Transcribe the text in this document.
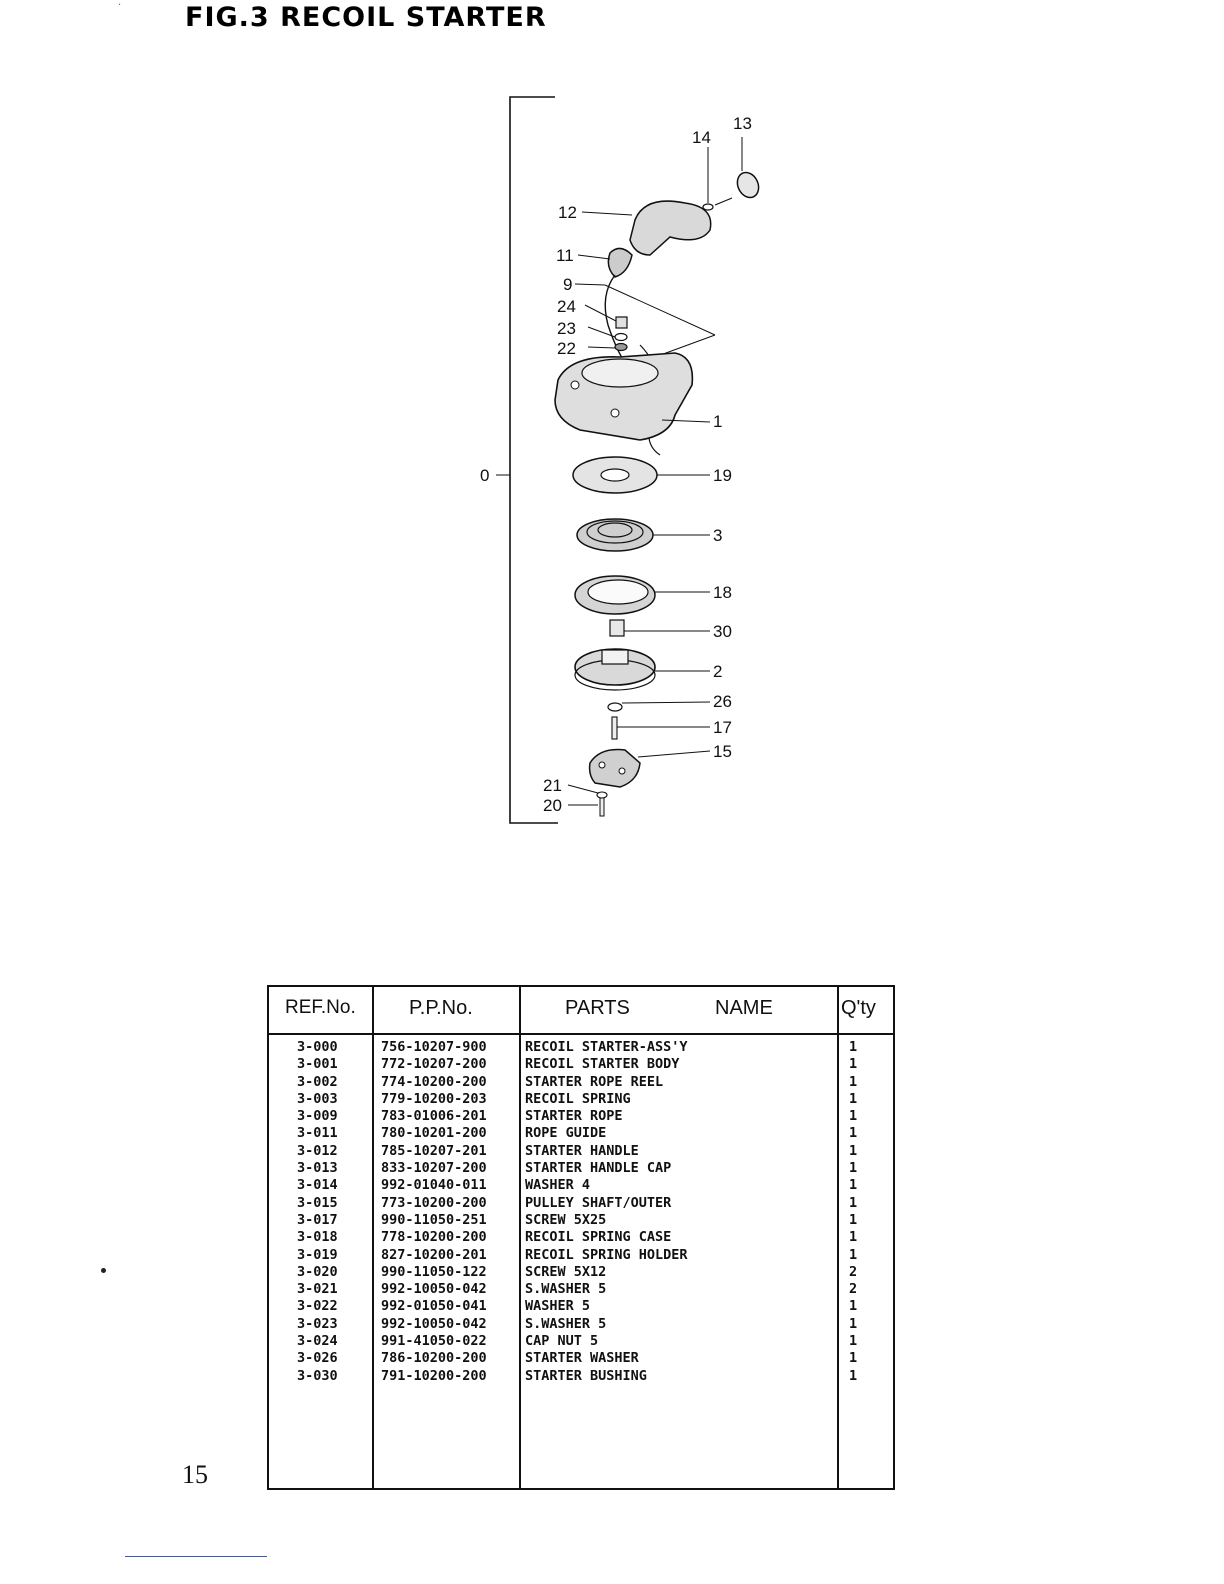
· FIG.3 RECOIL STARTER
13
14
12
11
9
24
23
22
1
0	19
3
18
30
2
26
17
15
21
20
REF.No.	P.P.No.	PARTS	NAME	Q'ty
3-000	756-10207-900	RECOIL STARTER-ASS'Y	1
3-001	772-10207-200	RECOIL STARTER BODY	1
3-002	774-10200-200	STARTER ROPE REEL	1
3-003	779-10200-203	RECOIL SPRING	1
3-009	783-01006-201	STARTER ROPE	1
3-011	780-10201-200	ROPE GUIDE	1
3-012	785-10207-201	STARTER HANDLE	1
3-013	833-10207-200	STARTER HANDLE CAP	1
3-014	992-01040-011	WASHER 4	1
3-015	773-10200-200	PULLEY SHAFT/OUTER	1
3-017	990-11050-251	SCREW 5X25	1
3-018	778-10200-200	RECOIL SPRING CASE	1
3-019	827-10200-201	RECOIL SPRING HOLDER	1
3-020	990-11050-122	SCREW 5X12	2
3-021	992-10050-042	S.WASHER 5	2
3-022	992-01050-041	WASHER 5	1
3-023	992-10050-042	S.WASHER 5	1
3-024	991-41050-022	CAP NUT 5	1
3-026	786-10200-200	STARTER WASHER	1
3-030	791-10200-200	STARTER BUSHING	1
15
